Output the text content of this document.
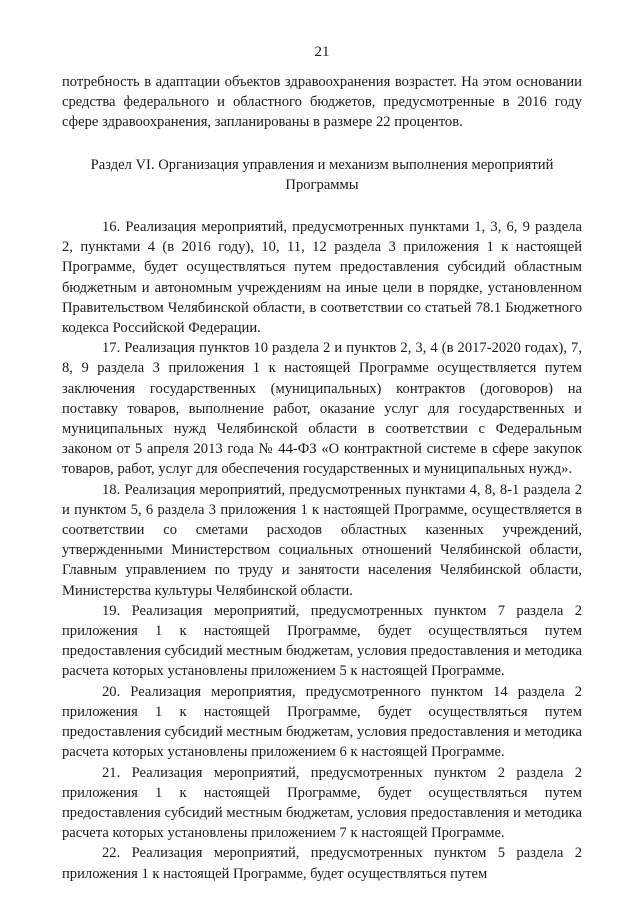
21

потребность в адаптации объектов здравоохранения возрастет. На этом основании средства федерального и областного бюджетов, предусмотренные в 2016 году сфере здравоохранения, запланированы в размере 22 процентов.

Раздел VI. Организация управления и механизм выполнения мероприятий Программы

16. Реализация мероприятий, предусмотренных пунктами 1, 3, 6, 9 раздела 2, пунктами 4 (в 2016 году), 10, 11, 12 раздела 3 приложения 1 к настоящей Программе, будет осуществляться путем предоставления субсидий областным бюджетным и автономным учреждениям на иные цели в порядке, установленном Правительством Челябинской области, в соответствии со статьей 78.1 Бюджетного кодекса Российской Федерации.

17. Реализация пунктов 10 раздела 2 и пунктов 2, 3, 4 (в 2017-2020 годах), 7, 8, 9 раздела 3 приложения 1 к настоящей Программе осуществляется путем заключения государственных (муниципальных) контрактов (договоров) на поставку товаров, выполнение работ, оказание услуг для государственных и муниципальных нужд Челябинской области в соответствии с Федеральным законом от 5 апреля 2013 года № 44-ФЗ «О контрактной системе в сфере закупок товаров, работ, услуг для обеспечения государственных и муниципальных нужд».

18. Реализация мероприятий, предусмотренных пунктами 4, 8, 8-1 раздела 2 и пунктом 5, 6 раздела 3 приложения 1 к настоящей Программе, осуществляется в соответствии со сметами расходов областных казенных учреждений, утвержденными Министерством социальных отношений Челябинской области, Главным управлением по труду и занятости населения Челябинской области, Министерства культуры Челябинской области.

19. Реализация мероприятий, предусмотренных пунктом 7 раздела 2 приложения 1 к настоящей Программе, будет осуществляться путем предоставления субсидий местным бюджетам, условия предоставления и методика расчета которых установлены приложением 5 к настоящей Программе.

20. Реализация мероприятия, предусмотренного пунктом 14 раздела 2 приложения 1 к настоящей Программе, будет осуществляться путем предоставления субсидий местным бюджетам, условия предоставления и методика расчета которых установлены приложением 6 к настоящей Программе.

21. Реализация мероприятий, предусмотренных пунктом 2 раздела 2 приложения 1 к настоящей Программе, будет осуществляться путем предоставления субсидий местным бюджетам, условия предоставления и методика расчета которых установлены приложением 7 к настоящей Программе.

22. Реализация мероприятий, предусмотренных пунктом 5 раздела 2 приложения 1 к настоящей Программе, будет осуществляться путем
